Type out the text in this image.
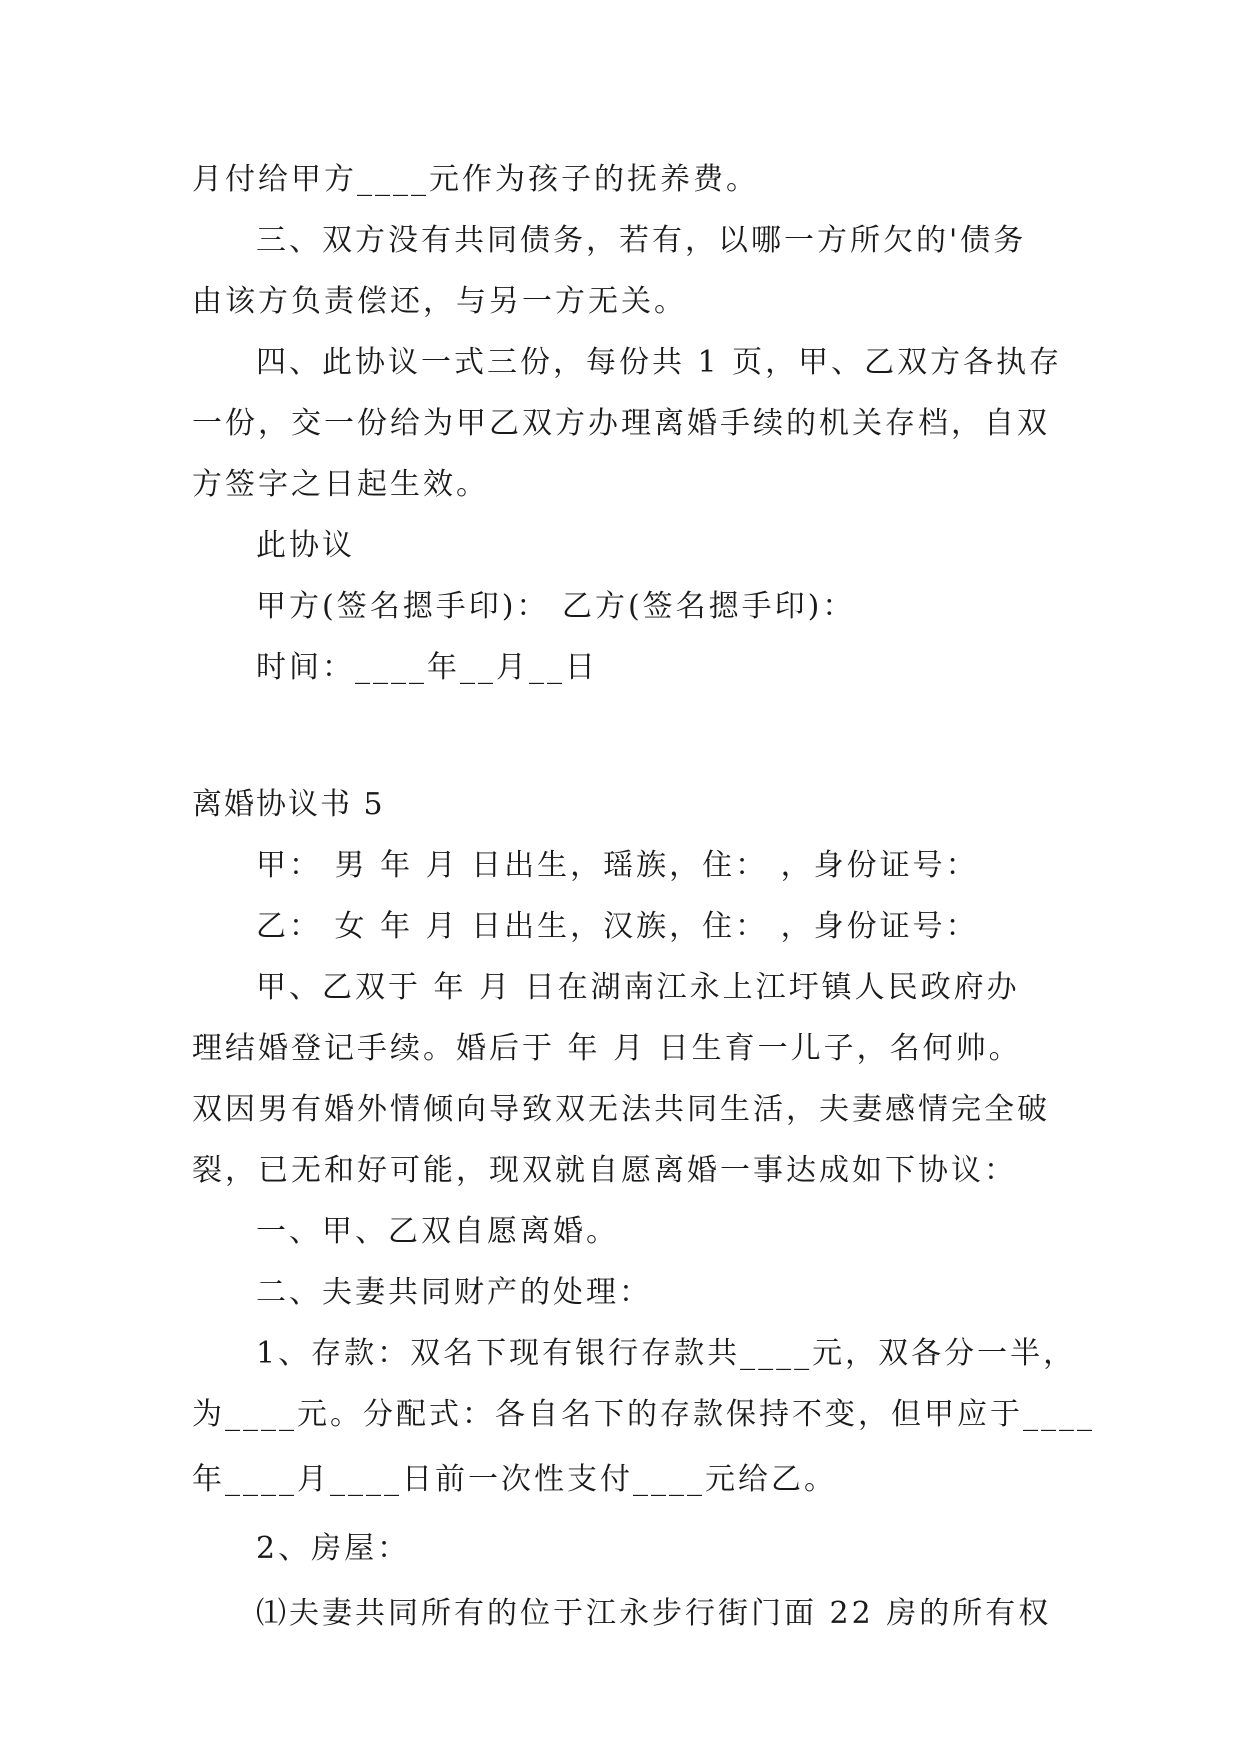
月付给甲方____元作为孩子的抚养费。
三、双方没有共同债务，若有，以哪一方所欠的'债务
由该方负责偿还，与另一方无关。
四、此协议一式三份，每份共 1 页，甲、乙双方各执存
一份，交一份给为甲乙双方办理离婚手续的机关存档，自双
方签字之日起生效。
此协议
甲方(签名摁手印)： 乙方(签名摁手印)：
时间：____年__月__日
离婚协议书 5
甲： 男 年 月 日出生，瑶族，住： ，身份证号：
乙： 女 年 月 日出生，汉族，住： ，身份证号：
甲、乙双于 年 月 日在湖南江永上江圩镇人民政府办
理结婚登记手续。婚后于 年 月 日生育一儿子，名何帅。
双因男有婚外情倾向导致双无法共同生活，夫妻感情完全破
裂，已无和好可能，现双就自愿离婚一事达成如下协议：
一、甲、乙双自愿离婚。
二、夫妻共同财产的处理：
1、存款：双名下现有银行存款共____元，双各分一半，
为____元。分配式：各自名下的存款保持不变，但甲应于____
年____月____日前一次性支付____元给乙。
2、房屋：
⑴夫妻共同所有的位于江永步行街门面 22 房的所有权
